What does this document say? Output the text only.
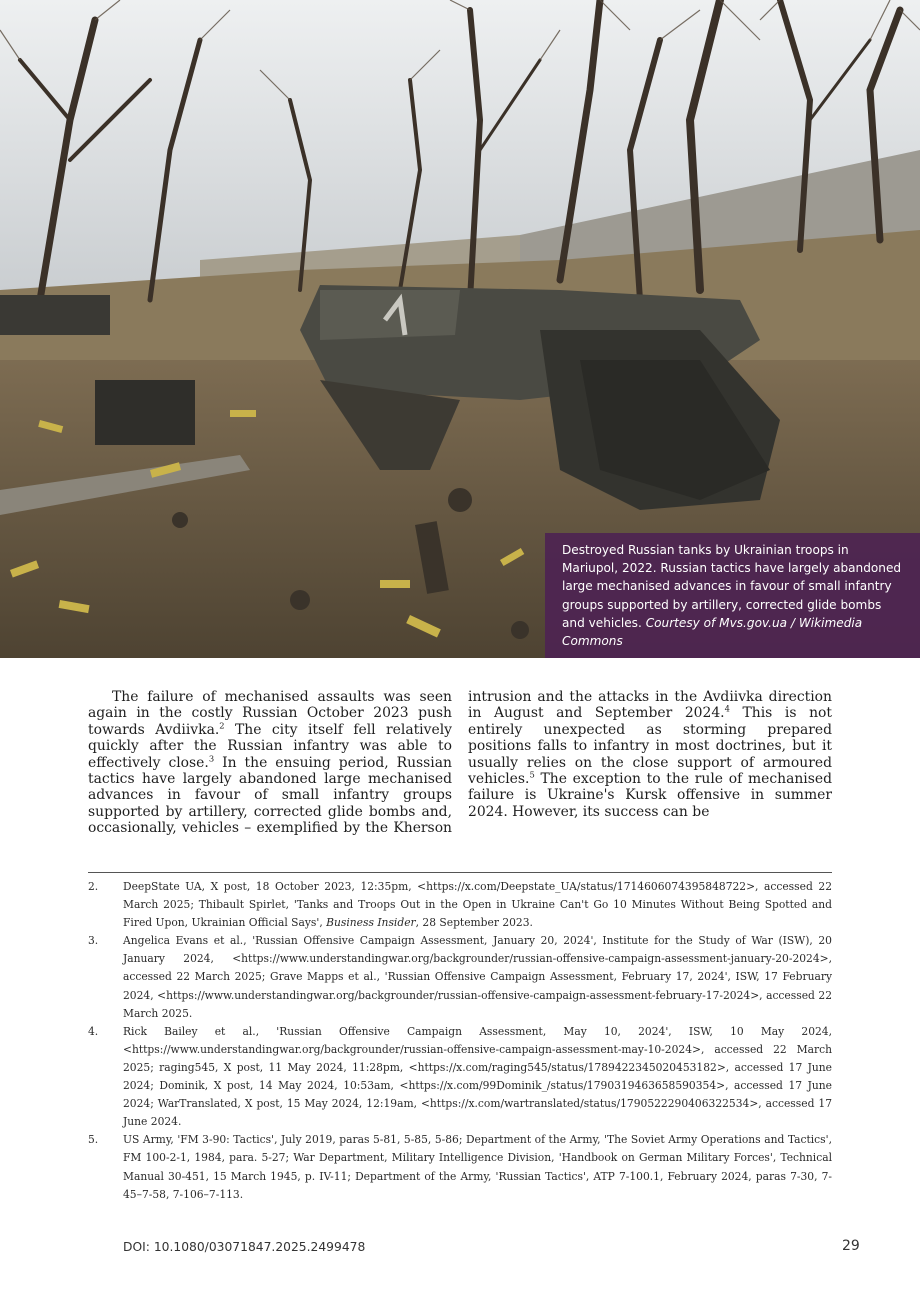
Destroyed Russian tanks by Ukrainian troops in Mariupol, 2022. Russian tactics have largely abandoned large mechanised advances in favour of small infantry groups supported by artillery, corrected glide bombs and vehicles. Courtesy of Mvs.gov.ua / Wikimedia Commons

The failure of mechanised assaults was seen again in the costly Russian October 2023 push towards Avdiivka.$^2$ The city itself fell relatively quickly after the Russian infantry was able to effectively close.$^3$ In the ensuing period, Russian tactics have largely abandoned large mechanised advances in favour of small infantry groups supported by artillery, corrected glide bombs and, occasionally, vehicles – exemplified by the Kherson intrusion and the attacks in the Avdiivka direction in August and September 2024.$^4$ This is not entirely unexpected as storming prepared positions falls to infantry in most doctrines, but it usually relies on the close support of armoured vehicles.$^5$ The exception to the rule of mechanised failure is Ukraine's Kursk offensive in summer 2024. However, its success can be

2.	DeepState UA, X post, 18 October 2023, 12:35pm, <https://x.com/Deepstate_UA/status/1714606074395848722>, accessed 22 March 2025; Thibault Spirlet, 'Tanks and Troops Out in the Open in Ukraine Can't Go 10 Minutes Without Being Spotted and Fired Upon, Ukrainian Official Says', Business Insider, 28 September 2023.
3.	Angelica Evans et al., 'Russian Offensive Campaign Assessment, January 20, 2024', Institute for the Study of War (ISW), 20 January 2024, <https://www.understandingwar.org/backgrounder/russian-offensive-campaign-assessment-january-20-2024>, accessed 22 March 2025; Grave Mapps et al., 'Russian Offensive Campaign Assessment, February 17, 2024', ISW, 17 February 2024, <https://www.understandingwar.org/backgrounder/russian-offensive-campaign-assessment-february-17-2024>, accessed 22 March 2025.
4.	Rick Bailey et al., 'Russian Offensive Campaign Assessment, May 10, 2024', ISW, 10 May 2024, <https://www.understandingwar.org/backgrounder/russian-offensive-campaign-assessment-may-10-2024>, accessed 22 March 2025; raging545, X post, 11 May 2024, 11:28pm, <https://x.com/raging545/status/1789422345020453182>, accessed 17 June 2024; Dominik, X post, 14 May 2024, 10:53am, <https://x.com/99Dominik_/status/1790319463658590354>, accessed 17 June 2024; WarTranslated, X post, 15 May 2024, 12:19am, <https://x.com/wartranslated/status/1790522290406322534>, accessed 17 June 2024.
5.	US Army, 'FM 3-90: Tactics', July 2019, paras 5-81, 5-85, 5-86; Department of the Army, 'The Soviet Army Operations and Tactics', FM 100-2-1, 1984, para. 5-27; War Department, Military Intelligence Division, 'Handbook on German Military Forces', Technical Manual 30-451, 15 March 1945, p. IV-11; Department of the Army, 'Russian Tactics', ATP 7-100.1, February 2024, paras 7-30, 7-45–7-58, 7-106–7-113.
DOI: 10.1080/03071847.2025.2499478	29
